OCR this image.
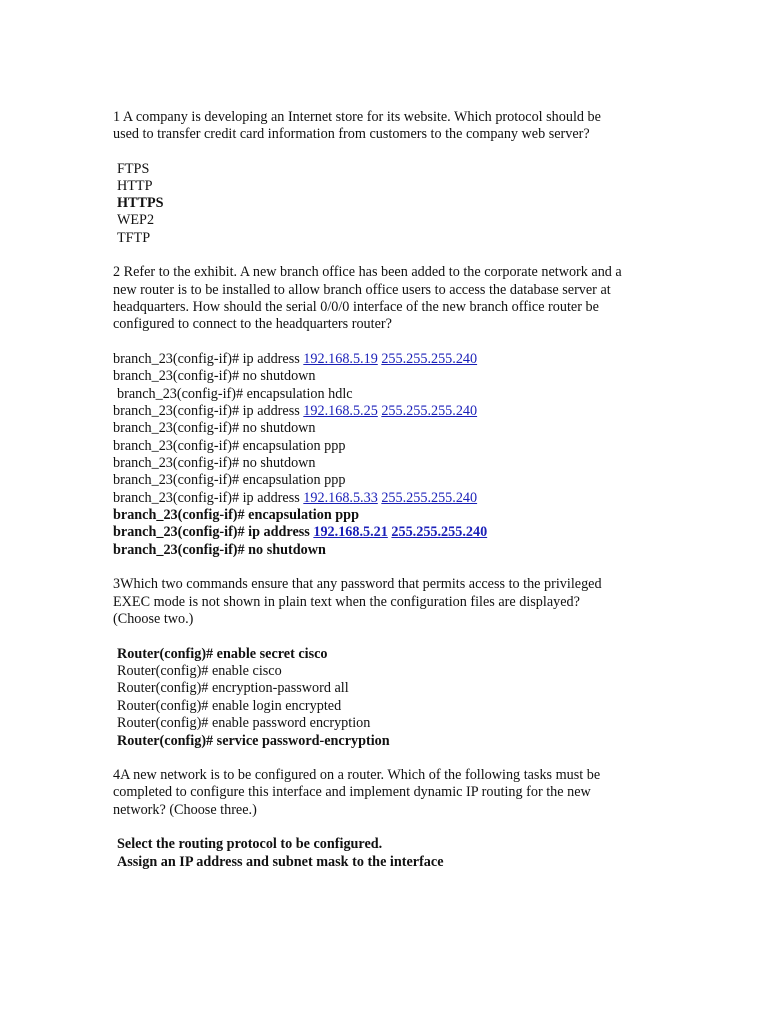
1 A company is developing an Internet store for its website. Which protocol should be
used to transfer credit card information from customers to the company web server?
FTPS
HTTP
HTTPS
WEP2
TFTP
2 Refer to the exhibit. A new branch office has been added to the corporate network and a
new router is to be installed to allow branch office users to access the database server at
headquarters. How should the serial 0/0/0 interface of the new branch office router be
configured to connect to the headquarters router?
branch_23(config-if)# ip address 192.168.5.19 255.255.255.240
branch_23(config-if)# no shutdown
branch_23(config-if)# encapsulation hdlc
branch_23(config-if)# ip address 192.168.5.25 255.255.255.240
branch_23(config-if)# no shutdown
branch_23(config-if)# encapsulation ppp
branch_23(config-if)# no shutdown
branch_23(config-if)# encapsulation ppp
branch_23(config-if)# ip address 192.168.5.33 255.255.255.240
branch_23(config-if)# encapsulation ppp
branch_23(config-if)# ip address 192.168.5.21 255.255.255.240
branch_23(config-if)# no shutdown
3Which two commands ensure that any password that permits access to the privileged
EXEC mode is not shown in plain text when the configuration files are displayed?
(Choose two.)
Router(config)# enable secret cisco
Router(config)# enable cisco
Router(config)# encryption-password all
Router(config)# enable login encrypted
Router(config)# enable password encryption
Router(config)# service password-encryption
4A new network is to be configured on a router. Which of the following tasks must be
completed to configure this interface and implement dynamic IP routing for the new
network? (Choose three.)
Select the routing protocol to be configured.
Assign an IP address and subnet mask to the interface
